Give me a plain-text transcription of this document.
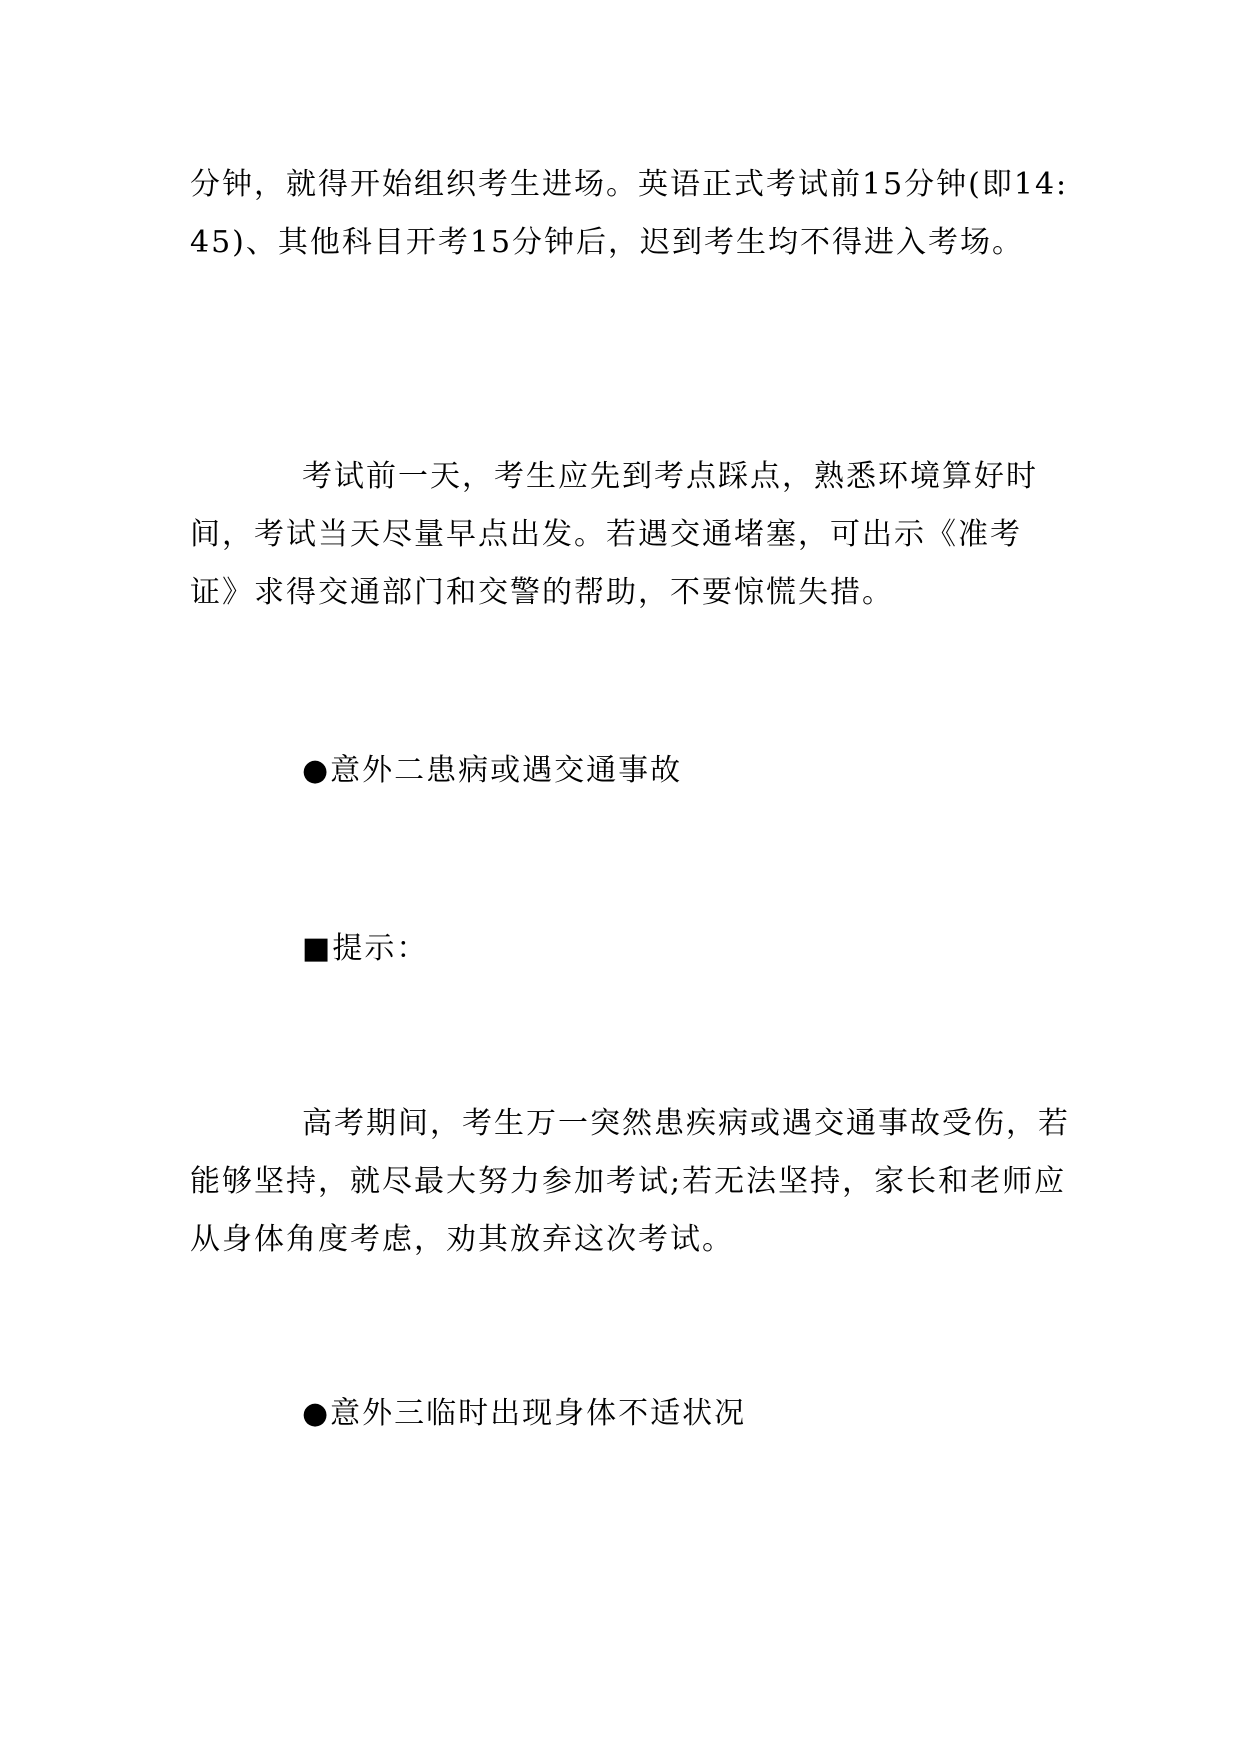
分钟，就得开始组织考生进场。英语正式考试前15分钟(即14:45)、其他科目开考15分钟后，迟到考生均不得进入考场。

考试前一天，考生应先到考点踩点，熟悉环境算好时间，考试当天尽量早点出发。若遇交通堵塞，可出示《准考证》求得交通部门和交警的帮助，不要惊慌失措。

●意外二患病或遇交通事故

■提示：

高考期间，考生万一突然患疾病或遇交通事故受伤，若能够坚持，就尽最大努力参加考试;若无法坚持，家长和老师应从身体角度考虑，劝其放弃这次考试。

●意外三临时出现身体不适状况
